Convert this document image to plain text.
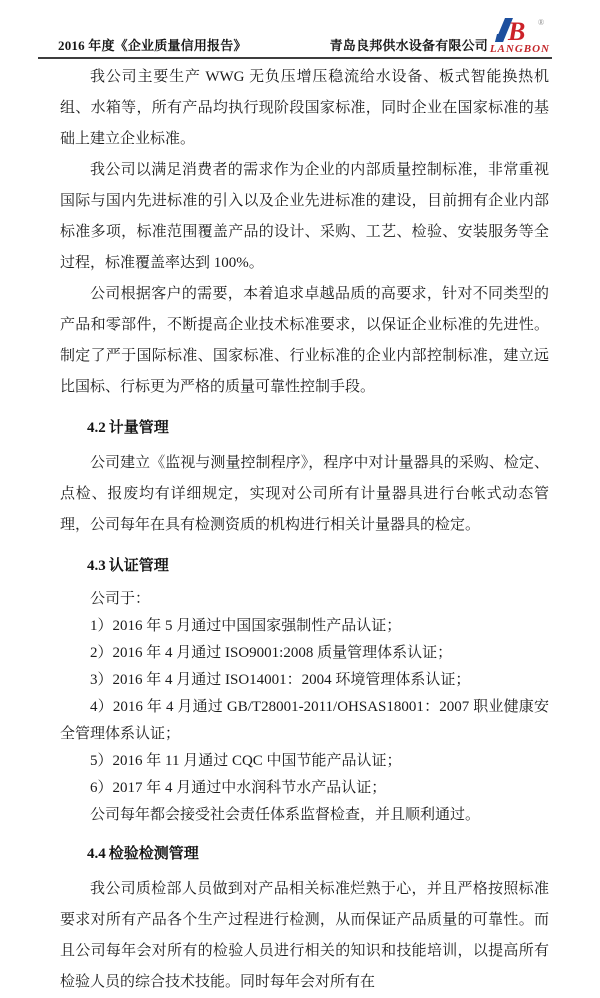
2016 年度《企业质量信用报告》	青岛良邦供水设备有限公司 B ®
LANGBON

我公司主要生产 WWG 无负压增压稳流给水设备、板式智能换热机组、水箱等，所有产品均执行现阶段国家标准，同时企业在国家标准的基础上建立企业标准。

我公司以满足消费者的需求作为企业的内部质量控制标准，非常重视国际与国内先进标准的引入以及企业先进标准的建设，目前拥有企业内部标准多项，标准范围覆盖产品的设计、采购、工艺、检验、安装服务等全过程，标准覆盖率达到 100%。

公司根据客户的需要，本着追求卓越品质的高要求，针对不同类型的产品和零部件，不断提高企业技术标准要求，以保证企业标准的先进性。制定了严于国际标准、国家标准、行业标准的企业内部控制标准，建立远比国标、行标更为严格的质量可靠性控制手段。

4.2 计量管理

公司建立《监视与测量控制程序》，程序中对计量器具的采购、检定、点检、报废均有详细规定，实现对公司所有计量器具进行台帐式动态管理，公司每年在具有检测资质的机构进行相关计量器具的检定。

4.3 认证管理

公司于：

1）2016 年 5 月通过中国国家强制性产品认证；

2）2016 年 4 月通过 ISO9001:2008 质量管理体系认证；

3）2016 年 4 月通过 ISO14001：2004 环境管理体系认证；

4）2016 年 4 月通过 GB/T28001-2011/OHSAS18001：2007 职业健康安全管理体系认证；

5）2016 年 11 月通过 CQC 中国节能产品认证；

6）2017 年 4 月通过中水润科节水产品认证；

公司每年都会接受社会责任体系监督检查，并且顺利通过。

4.4 检验检测管理

我公司质检部人员做到对产品相关标准烂熟于心，并且严格按照标准要求对所有产品各个生产过程进行检测，从而保证产品质量的可靠性。而且公司每年会对所有的检验人员进行相关的知识和技能培训，以提高所有检验人员的综合技术技能。同时每年会对所有在
